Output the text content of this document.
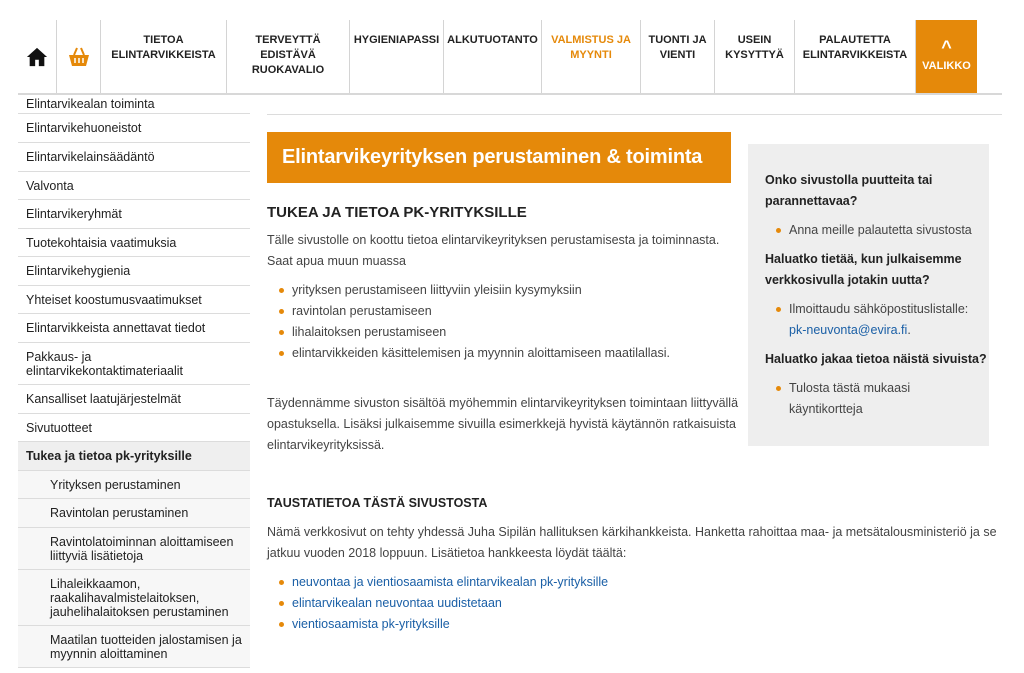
TIETOA ELINTARVIKKEISTA
TERVEYTTÄ EDISTÄVÄ RUOKAVALIO
HYGIENIAPASSI ALKUTUOTANTO	VALMISTUS JA MYYNTI
TUONTI JA VIENTI
USEIN KYSYTTYÄ
PALAUTETTA ELINTARVIKKEISTA	^
VALIKKO
Elintarvikealan toiminta
Elintarvikehuoneistot
Elintarvikelainsäädäntö
Valvonta
Elintarvikeryhmät
Tuotekohtaisia vaatimuksia
Elintarvikehygienia
Yhteiset koostumusvaatimukset
Elintarvikkeista annettavat tiedot
Pakkaus- ja elintarvikekontaktimateriaalit
Kansalliset laatujärjestelmät
Sivutuotteet
Tukea ja tietoa pk-yrityksille
Yrityksen perustaminen
Ravintolan perustaminen
Ravintolatoiminnan aloittamiseen liittyviä lisätietoja
Lihaleikkaamon, raakalihavalmistelaitoksen, jauhelihalaitoksen perustaminen
Maatilan tuotteiden jalostamisen ja myynnin aloittaminen
Elintarvikeyrityksen perustaminen & toiminta
TUKEA JA TIETOA PK-YRITYKSILLE
Tälle sivustolle on koottu tietoa elintarvikeyrityksen perustamisesta ja toiminnasta.
Saat apua muun muassa
yrityksen perustamiseen liittyviin yleisiin kysymyksiin
ravintolan perustamiseen
lihalaitoksen perustamiseen
elintarvikkeiden käsittelemisen ja myynnin aloittamiseen maatilallasi.
Täydennämme sivuston sisältöä myöhemmin elintarvikeyrityksen toimintaan liittyvällä
opastuksella. Lisäksi julkaisemme sivuilla esimerkkejä hyvistä käytännön ratkaisuista
elintarvikeyrityksissä.
TAUSTATIETOA TÄSTÄ SIVUSTOSTA
Nämä verkkosivut on tehty yhdessä Juha Sipilän hallituksen kärkihankkeista. Hanketta rahoittaa maa- ja metsätalousministeriö ja se
jatkuu vuoden 2018 loppuun. Lisätietoa hankkeesta löydät täältä:
neuvontaa ja vientiosaamista elintarvikealan pk-yrityksille
elintarvikealan neuvontaa uudistetaan
vientiosaamista pk-yrityksille
Onko sivustolla puutteita tai
parannettavaa?
Anna meille palautetta sivustosta
Haluatko tietää, kun julkaisemme
verkkosivulla jotakin uutta?
Ilmoittaudu sähköpostituslistalle:
pk-neuvonta@evira.fi.
Haluatko jakaa tietoa näistä sivuista?
Tulosta tästä mukaasi
käyntikortteja
